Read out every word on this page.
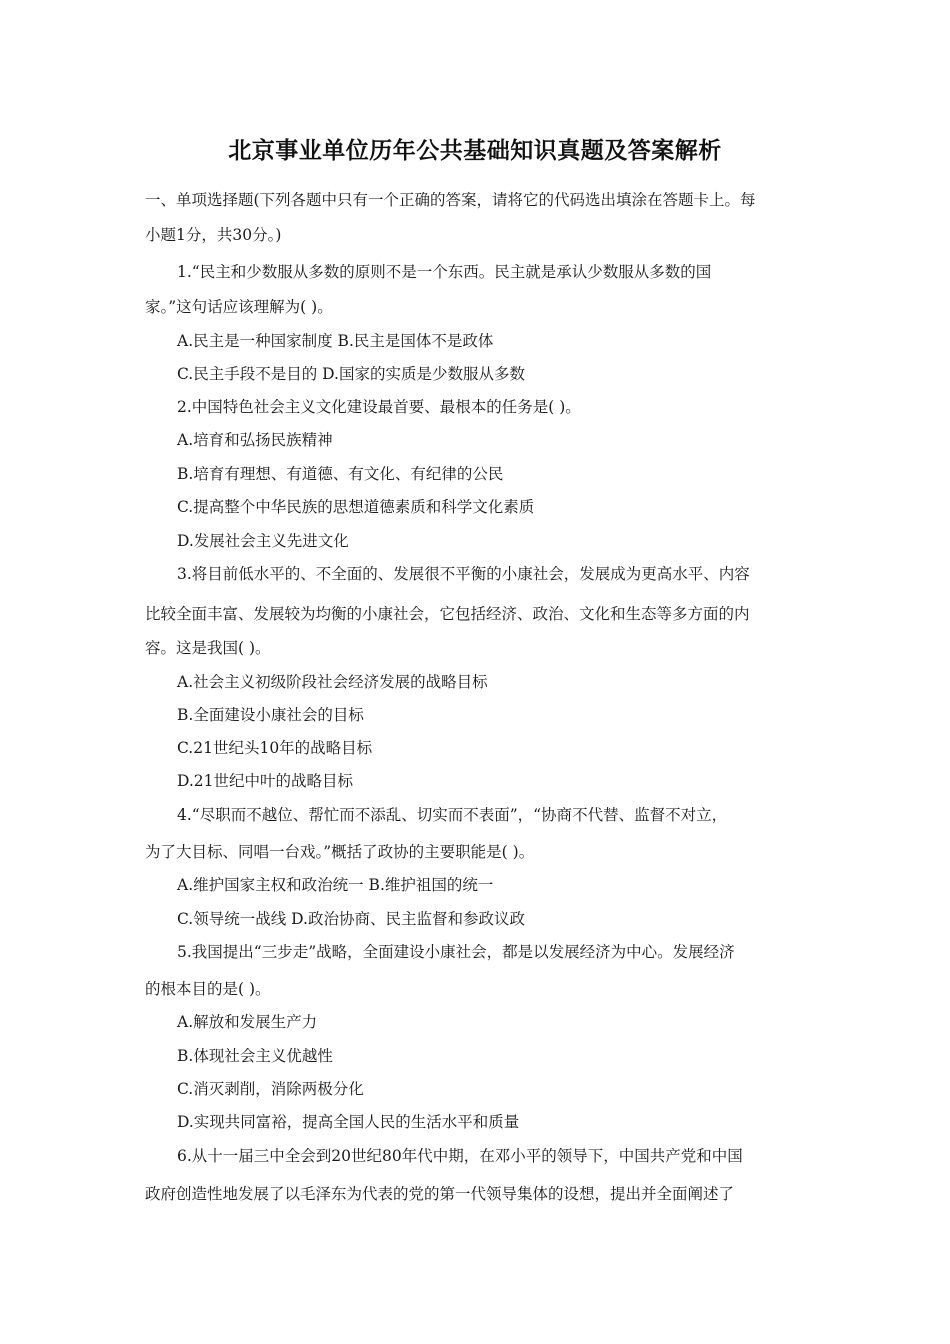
北京事业单位历年公共基础知识真题及答案解析
一、单项选择题(下列各题中只有一个正确的答案，请将它的代码选出填涂在答题卡上。每
小题1分，共30分。)
1.“民主和少数服从多数的原则不是一个东西。民主就是承认少数服从多数的国
家。”这句话应该理解为( )。
A.民主是一种国家制度 B.民主是国体不是政体
C.民主手段不是目的 D.国家的实质是少数服从多数
2.中国特色社会主义文化建设最首要、最根本的任务是( )。
A.培育和弘扬民族精神
B.培育有理想、有道德、有文化、有纪律的公民
C.提高整个中华民族的思想道德素质和科学文化素质
D.发展社会主义先进文化
3.将目前低水平的、不全面的、发展很不平衡的小康社会，发展成为更高水平、内容
比较全面丰富、发展较为均衡的小康社会，它包括经济、政治、文化和生态等多方面的内
容。这是我国( )。
A.社会主义初级阶段社会经济发展的战略目标
B.全面建设小康社会的目标
C.21世纪头10年的战略目标
D.21世纪中叶的战略目标
4.“尽职而不越位、帮忙而不添乱、切实而不表面”，“协商不代替、监督不对立，
为了大目标、同唱一台戏。”概括了政协的主要职能是( )。
A.维护国家主权和政治统一 B.维护祖国的统一
C.领导统一战线 D.政治协商、民主监督和参政议政
5.我国提出“三步走”战略，全面建设小康社会，都是以发展经济为中心。发展经济
的根本目的是( )。
A.解放和发展生产力
B.体现社会主义优越性
C.消灭剥削，消除两极分化
D.实现共同富裕，提高全国人民的生活水平和质量
6.从十一届三中全会到20世纪80年代中期，在邓小平的领导下，中国共产党和中国
政府创造性地发展了以毛泽东为代表的党的第一代领导集体的设想，提出并全面阐述了
